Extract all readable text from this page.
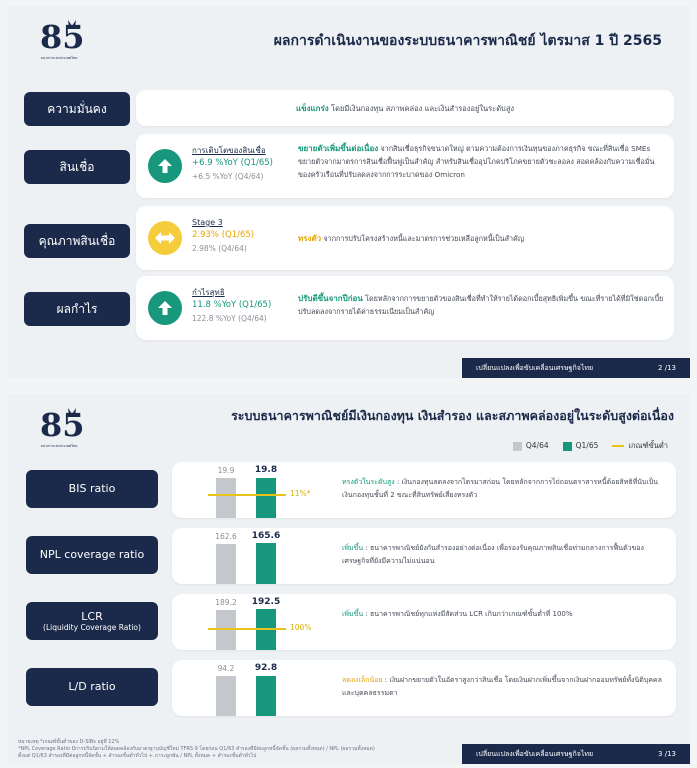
85
ธนาคารแห่งประเทศไทย
ผลการดำเนินงานของระบบธนาคารพาณิชย์ ไตรมาส 1 ปี 2565
ความมั่นคง	แข็งแกร่ง โดยมีเงินกองทุน สภาพคล่อง และเงินสำรองอยู่ในระดับสูง
สินเชื่อ
การเติบโตของสินเชื่อ
+6.9 %YoY (Q1/65)
+6.5 %YoY (Q4/64)
ขยายตัวเพิ่มขึ้นต่อเนื่อง จากสินเชื่อธุรกิจขนาดใหญ่ ตามความต้องการเงินทุนของภาคธุรกิจ ขณะที่สินเชื่อ SMEs ขยายตัวจากมาตรการสินเชื่อฟื้นฟูเป็นสำคัญ สำหรับสินเชื่ออุปโภคบริโภคขยายตัวชะลอลง สอดคล้องกับความเชื่อมั่นของครัวเรือนที่ปรับลดลงจากการระบาดของ Omicron
คุณภาพสินเชื่อ
Stage 3
2.93% (Q1/65)
2.98% (Q4/64)
ทรงตัว จากการปรับโครงสร้างหนี้และมาตรการช่วยเหลือลูกหนี้เป็นสำคัญ
ผลกำไร
กำไรสุทธิ
11.8 %YoY (Q1/65)
122.8 %YoY (Q4/64)
ปรับดีขึ้นจากปีก่อน โดยหลักจากการขยายตัวของสินเชื่อที่ทำให้รายได้ดอกเบี้ยสุทธิเพิ่มขึ้น ขณะที่รายได้ที่มิใช่ดอกเบี้ยปรับลดลงจากรายได้ค่าธรรมเนียมเป็นสำคัญ
เปลี่ยนแปลงเพื่อขับเคลื่อนเศรษฐกิจไทย	2 /13
85
ธนาคารแห่งประเทศไทย
ระบบธนาคารพาณิชย์มีเงินกองทุน เงินสำรอง และสภาพคล่องอยู่ในระดับสูงต่อเนื่อง
Q4/64	Q1/65	เกณฑ์ขั้นต่ำ
BIS ratio
19.9	19.8
11%*
ทรงตัวในระดับสูง : เงินกองทุนลดลงจากไตรมาสก่อน โดยหลักจากการไถ่ถอนตราสารหนี้ด้อยสิทธิที่นับเป็นเงินกองทุนชั้นที่ 2 ขณะที่สินทรัพย์เสี่ยงทรงตัว
NPL coverage ratio
162.6	165.6
เพิ่มขึ้น : ธนาคารพาณิชย์ยังกันสำรองอย่างต่อเนื่อง เพื่อรองรับคุณภาพสินเชื่อท่ามกลางการฟื้นตัวของเศรษฐกิจที่ยังมีความไม่แน่นอน
LCR
(Liquidity Coverage Ratio)
189.2	192.5
100%
เพิ่มขึ้น : ธนาคารพาณิชย์ทุกแห่งมีสัดส่วน LCR เกินกว่าเกณฑ์ขั้นต่ำที่ 100%
L/D ratio
94.2	92.8
ลดลงเล็กน้อย : เงินฝากขยายตัวในอัตราสูงกว่าสินเชื่อ โดยเงินฝากเพิ่มขึ้นจากเงินฝากออมทรัพย์ทั้งนิติบุคคลและบุคคลธรรมดา
หมายเหตุ *เกณฑ์ขั้นต่ำของ D-SIBs อยู่ที่ 12%
*NPL Coverage Ratio มีการปรับนิยามให้สอดคล้องกับมาตรฐานบัญชีใหม่ TFRS 9 โดยก่อน Q1/63 สำรองที่มีต่อลูกหนี้จัดชั้น (ผลรวมทั้งหมด) / NPL (ผลรวมทั้งหมด)
ตั้งแต่ Q1/63 สำรองที่มีต่อลูกหนี้จัดชั้น + สำรองขั้นต่ำทั่วไป + ภาระผูกพัน / NPL ทั้งหมด + สำรองขั้นต่ำทั่วไป	เปลี่ยนแปลงเพื่อขับเคลื่อนเศรษฐกิจไทย	3 /13
